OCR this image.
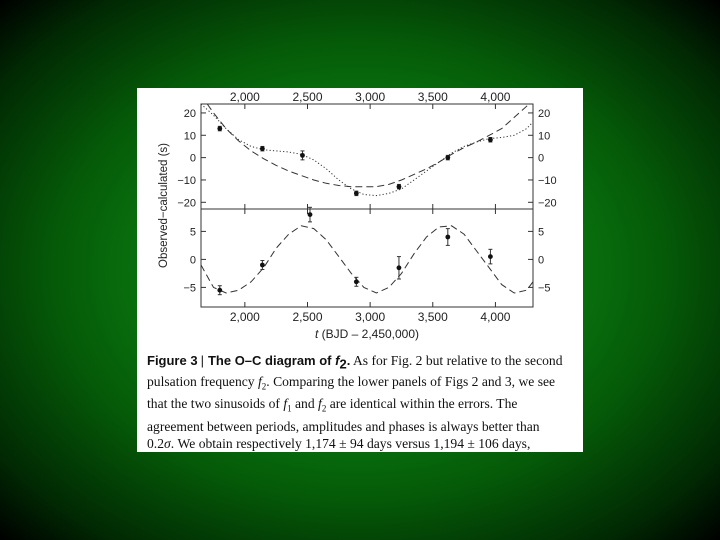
20	20
10	10
0	0
−10	−10
−20	−20
5	5
0	0
−5	−5
2,000
2,000
2,500
2,500
3,000
3,000
3,500
3,500
4,000
4,000
t (BJD – 2,450,000)
Observed−calculated (s)
Figure 3 | The O–C diagram of $f_2$. As for Fig. 2 but relative to the second
pulsation frequency $f_2$. Comparing the lower panels of Figs 2 and 3, we see
that the two sinusoids of $f_1$ and $f_2$ are identical within the errors. The
agreement between periods, amplitudes and phases is always better than
0.2σ. We obtain respectively 1,174 ± 94 days versus 1,194 ± 106 days,
